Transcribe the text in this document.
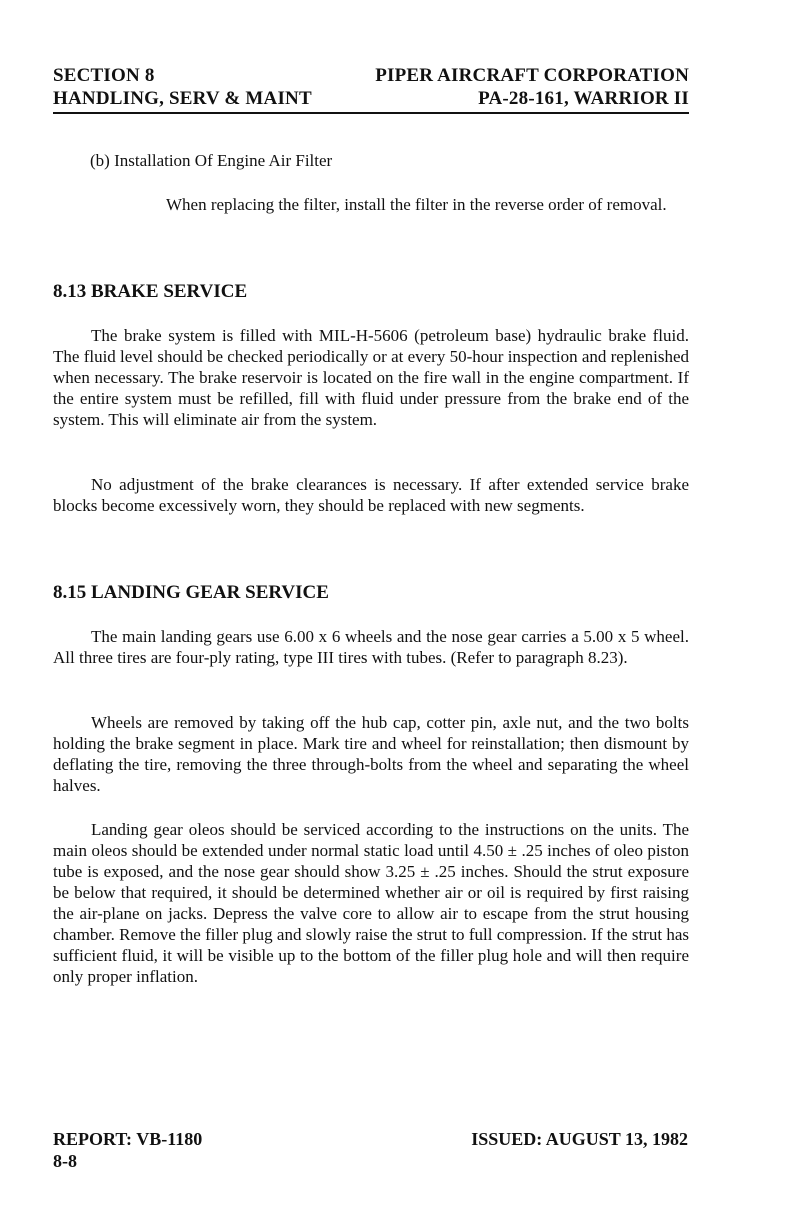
SECTION 8	PIPER AIRCRAFT CORPORATION
HANDLING, SERV & MAINT	PA-28-161, WARRIOR II
(b) Installation Of Engine Air Filter
When replacing the filter, install the filter in the reverse order of removal.
8.13 BRAKE SERVICE
The brake system is filled with MIL-H-5606 (petroleum base) hydraulic brake fluid. The fluid level should be checked periodically or at every 50-hour inspection and replenished when necessary. The brake reservoir is located on the fire wall in the engine compartment. If the entire system must be refilled, fill with fluid under pressure from the brake end of the system. This will eliminate air from the system.
No adjustment of the brake clearances is necessary. If after extended service brake blocks become excessively worn, they should be replaced with new segments.
8.15 LANDING GEAR SERVICE
The main landing gears use 6.00 x 6 wheels and the nose gear carries a 5.00 x 5 wheel. All three tires are four-ply rating, type III tires with tubes. (Refer to paragraph 8.23).
Wheels are removed by taking off the hub cap, cotter pin, axle nut, and the two bolts holding the brake segment in place. Mark tire and wheel for reinstallation; then dismount by deflating the tire, removing the three through-bolts from the wheel and separating the wheel halves.
Landing gear oleos should be serviced according to the instructions on the units. The main oleos should be extended under normal static load until 4.50 ± .25 inches of oleo piston tube is exposed, and the nose gear should show 3.25 ± .25 inches. Should the strut exposure be below that required, it should be determined whether air or oil is required by first raising the air-plane on jacks. Depress the valve core to allow air to escape from the strut housing chamber. Remove the filler plug and slowly raise the strut to full compression. If the strut has sufficient fluid, it will be visible up to the bottom of the filler plug hole and will then require only proper inflation.
REPORT: VB-1180
8-8
ISSUED: AUGUST 13, 1982
